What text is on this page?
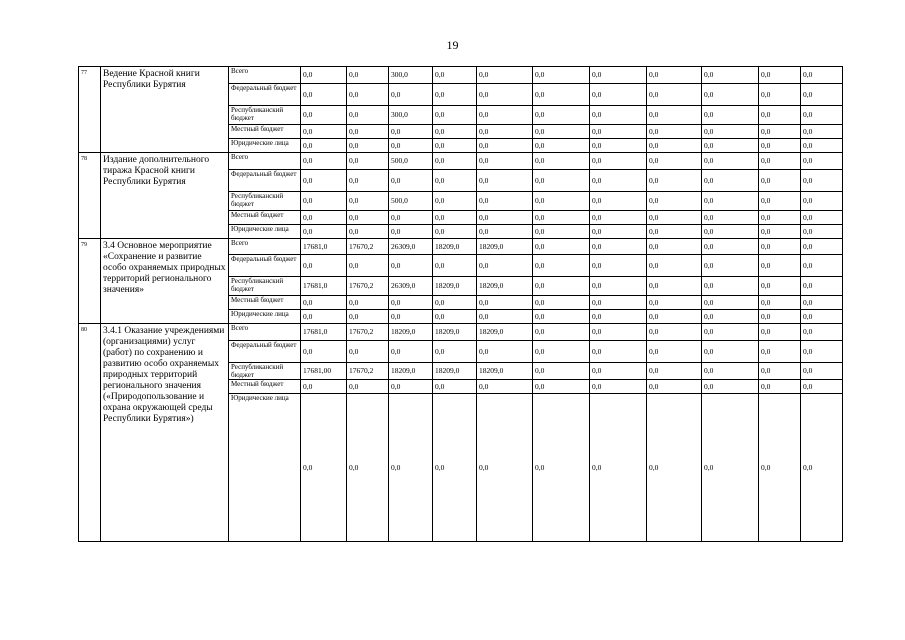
19
77	Ведение Красной книги Республики Бурятия	Всего	0,0	0,0	300,0	0,0	0,0	0,0	0,0	0,0	0,0	0,0	0,0
		Федеральный бюджет	0,0	0,0	0,0	0,0	0,0	0,0	0,0	0,0	0,0	0,0	0,0
		Республиканский бюджет	0,0	0,0	300,0	0,0	0,0	0,0	0,0	0,0	0,0	0,0	0,0
		Местный бюджет	0,0	0,0	0,0	0,0	0,0	0,0	0,0	0,0	0,0	0,0	0,0
		Юридические лица	0,0	0,0	0,0	0,0	0,0	0,0	0,0	0,0	0,0	0,0	0,0
78	Издание дополнительного тиража Красной книги Республики Бурятия	Всего	0,0	0,0	500,0	0,0	0,0	0,0	0,0	0,0	0,0	0,0	0,0
		Федеральный бюджет	0,0	0,0	0,0	0,0	0,0	0,0	0,0	0,0	0,0	0,0	0,0
		Республиканский бюджет	0,0	0,0	500,0	0,0	0,0	0,0	0,0	0,0	0,0	0,0	0,0
		Местный бюджет	0,0	0,0	0,0	0,0	0,0	0,0	0,0	0,0	0,0	0,0	0,0
		Юридические лица	0,0	0,0	0,0	0,0	0,0	0,0	0,0	0,0	0,0	0,0	0,0
79	3.4 Основное мероприятие «Сохранение и развитие особо охраняемых природных территорий регионального значения»	Всего	17681,0	17670,2	26309,0	18209,0	18209,0	0,0	0,0	0,0	0,0	0,0	0,0
		Федеральный бюджет	0,0	0,0	0,0	0,0	0,0	0,0	0,0	0,0	0,0	0,0	0,0
		Республиканский бюджет	17681,0	17670,2	26309,0	18209,0	18209,0	0,0	0,0	0,0	0,0	0,0	0,0
		Местный бюджет	0,0	0,0	0,0	0,0	0,0	0,0	0,0	0,0	0,0	0,0	0,0
		Юридические лица	0,0	0,0	0,0	0,0	0,0	0,0	0,0	0,0	0,0	0,0	0,0
80	3.4.1 Оказание учреждениями (организациями) услуг (работ) по сохранению и развитию особо охраняемых природных территорий регионального значения («Природопользование и охрана окружающей среды Республики Бурятия»)	Всего	17681,0	17670,2	18209,0	18209,0	18209,0	0,0	0,0	0,0	0,0	0,0	0,0
		Федеральный бюджет	0,0	0,0	0,0	0,0	0,0	0,0	0,0	0,0	0,0	0,0	0,0
		Республиканский бюджет	17681,00	17670,2	18209,0	18209,0	18209,0	0,0	0,0	0,0	0,0	0,0	0,0
		Местный бюджет	0,0	0,0	0,0	0,0	0,0	0,0	0,0	0,0	0,0	0,0	0,0
		Юридические лица	0,0	0,0	0,0	0,0	0,0	0,0	0,0	0,0	0,0	0,0	0,0
